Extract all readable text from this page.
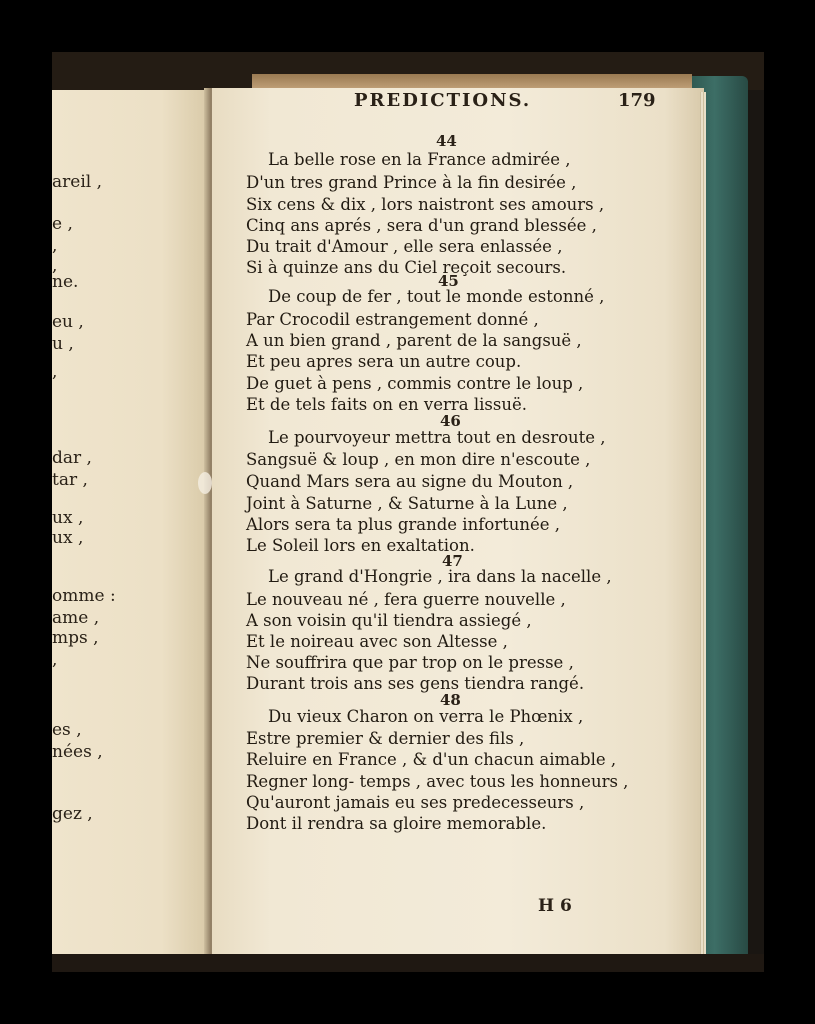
areil ,
e ,
,
,
ne.
eu ,
u ,
,
dar ,
tar ,
ux ,
ux ,
omme :
ame ,
mps ,
,
es ,
nées ,
gez ,
PREDICTIONS.	179
44
La belle rose en la France admirée ,
D'un tres grand Prince à la fin desirée ,
Six cens & dix , lors naistront ses amours ,
Cinq ans aprés , sera d'un grand blessée ,
Du trait d'Amour , elle sera enlassée ,
Si à quinze ans du Ciel reçoit secours.
45
De coup de fer , tout le monde estonné ,
Par Crocodil estrangement donné ,
A un bien grand , parent de la sangsuë ,
Et peu apres sera un autre coup.
De guet à pens , commis contre le loup ,
Et de tels faits on en verra lissuë.
46
Le pourvoyeur mettra tout en desroute ,
Sangsuë & loup , en mon dire n'escoute ,
Quand Mars sera au signe du Mouton ,
Joint à Saturne , & Saturne à la Lune ,
Alors sera ta plus grande infortunée ,
Le Soleil lors en exaltation.
47
Le grand d'Hongrie , ira dans la nacelle ,
Le nouveau né , fera guerre nouvelle ,
A son voisin qu'il tiendra assiegé ,
Et le noireau avec son Altesse ,
Ne souffrira que par trop on le presse ,
Durant trois ans ses gens tiendra rangé.
48
Du vieux Charon on verra le Phœnix ,
Estre premier & dernier des fils ,
Reluire en France , & d'un chacun aimable ,
Regner long- temps , avec tous les honneurs ,
Qu'auront jamais eu ses predecesseurs ,
Dont il rendra sa gloire memorable.
H 6
